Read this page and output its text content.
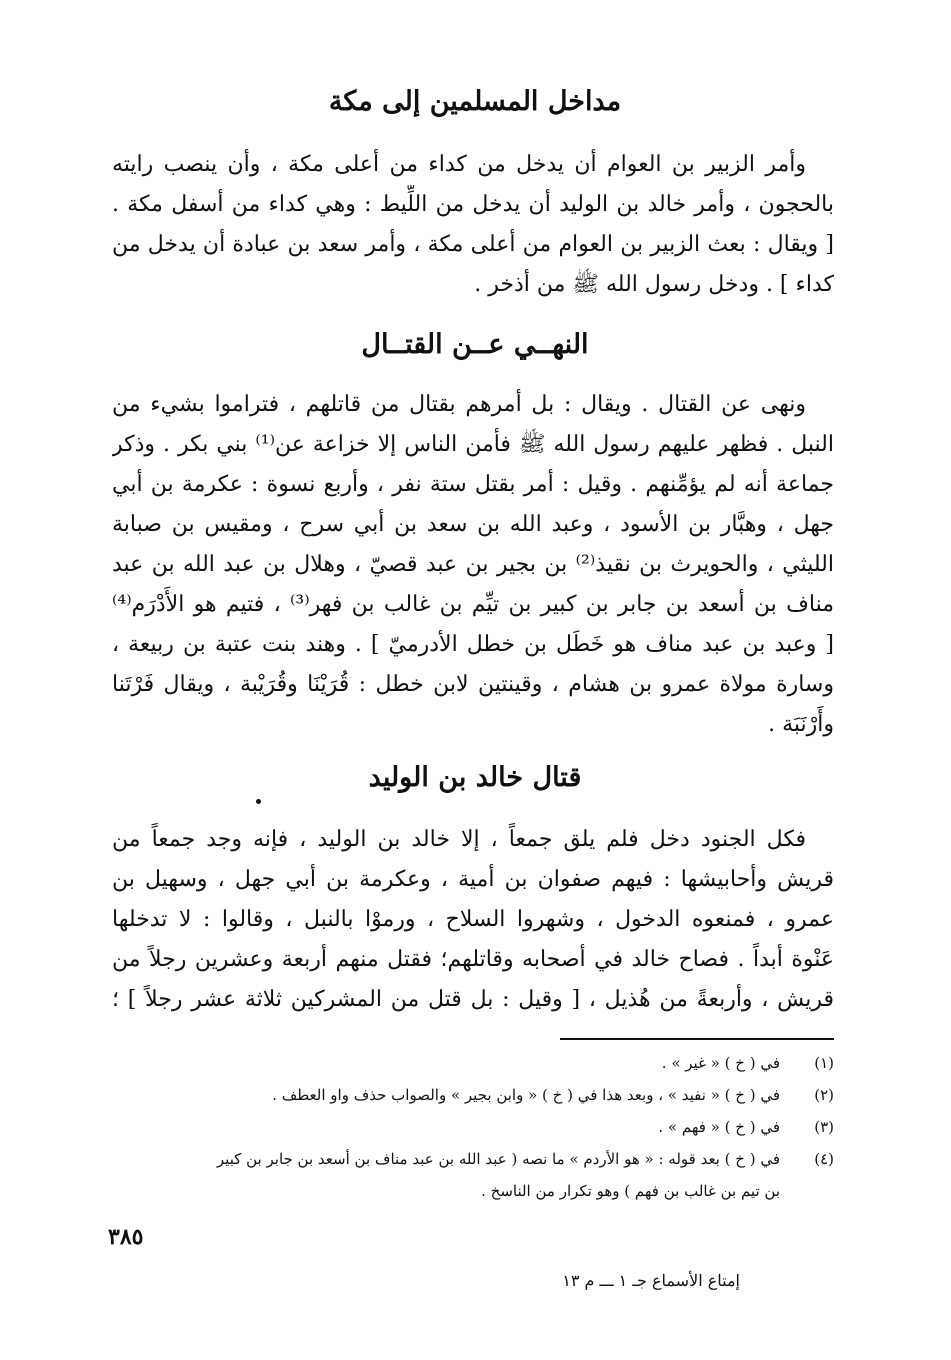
مداخل المسلمين إلى مكة
وأمر الزبير بن العوام أن يدخل من كداء من أعلى مكة ، وأن ينصب رايته
بالحجون ، وأمر خالد بن الوليد أن يدخل من اللِّيط : وهي كداء من أسفل مكة .
[ ويقال : بعث الزبير بن العوام من أعلى مكة ، وأمر سعد بن عبادة أن يدخل من
كداء ] . ودخل رسول الله ﷺ من أذخر .
النهــي عــن القتــال
ونهى عن القتال . ويقال : بل أمرهم بقتال من قاتلهم ، فتراموا بشيء من
النبل . فظهر عليهم رسول الله ﷺ فأمن الناس إلا خزاعة عن⁽¹⁾ بني بكر . وذكر
جماعة أنه لم يؤمِّنهم . وقيل : أمر بقتل ستة نفر ، وأربع نسوة : عكرمة بن أبي
جهل ، وهبَّار بن الأسود ، وعبد الله بن سعد بن أبي سرح ، ومقيس بن صبابة
الليثي ، والحويرث بن نقيذ⁽²⁾ بن بجير بن عبد قصيّ ، وهلال بن عبد الله بن عبد
مناف بن أسعد بن جابر بن كبير بن تيِّم بن غالب بن فهر⁽³⁾ ، فتيم هو الأَدْرَم⁽⁴⁾
[ وعبد بن عبد مناف هو خَطَل بن خطل الأدرميّ ] . وهند بنت عتبة بن ربيعة ،
وسارة مولاة عمرو بن هشام ، وقينتين لابن خطل : قُرَيْنَا وقُرَيْبة ، ويقال فَرْتَنا
وأَرْنَبَة .
قتال خالد بن الوليد
فكل الجنود دخل فلم يلق جمعاً ، إلا خالد بن الوليد ، فإنه وجد جمعاً من
قريش وأحابيشها : فيهم صفوان بن أمية ، وعكرمة بن أبي جهل ، وسهيل بن
عمرو ، فمنعوه الدخول ، وشهروا السلاح ، ورموْا بالنبل ، وقالوا : لا تدخلها
عَنْوة أبداً . فصاح خالد في أصحابه وقاتلهم؛ فقتل منهم أربعة وعشرين رجلاً من
قريش ، وأربعةً من هُذيل ، [ وقيل : بل قتل من المشركين ثلاثة عشر رجلاً ] ؛
(١)
في ( خ ) « غير » .
(٢)
في ( خ ) « نفيد » ، وبعد هذا في ( خ ) « وابن بجير » والصواب حذف واو العطف .
(٣)
في ( خ ) « فهم » .
(٤)
في ( خ ) بعد قوله : « هو الأردم » ما نصه ( عبد الله بن عبد مناف بن أسعد بن جابر بن كبير
بن تيم بن غالب بن فهم ) وهو تكرار من الناسخ .
٣٨٥
إمتاع الأسماع جـ ١ ـــ م ١٣
